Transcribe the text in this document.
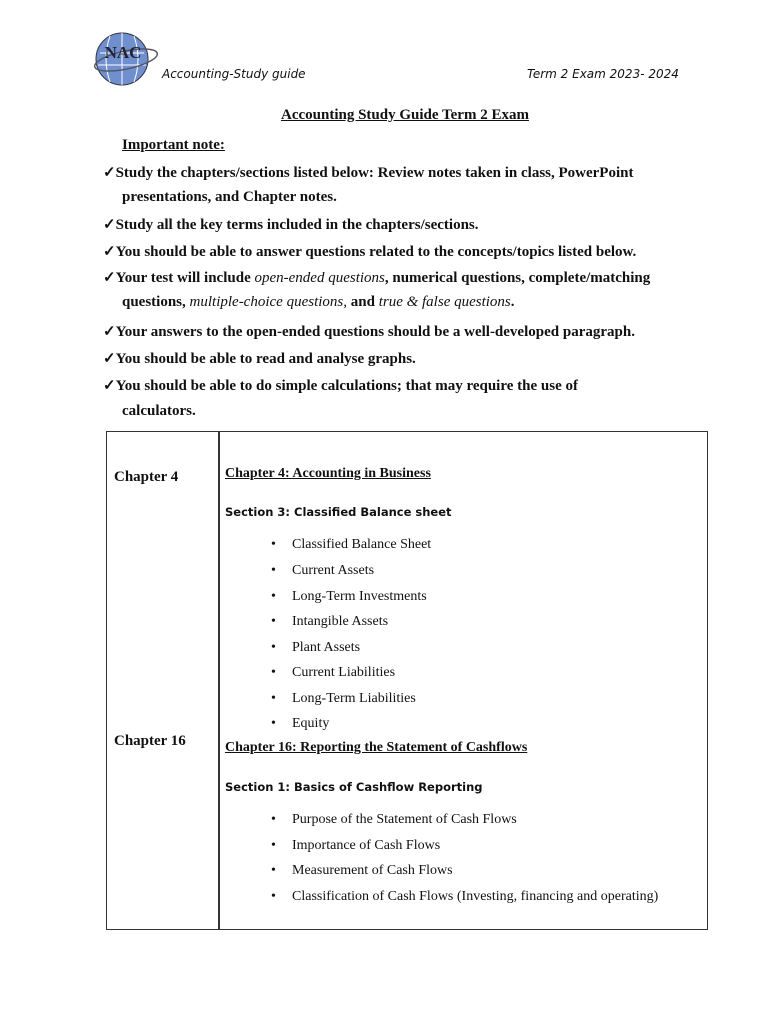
NAC
Accounting-Study guide	Term 2 Exam 2023- 2024
Accounting Study Guide Term 2 Exam
Important note:
✓Study the chapters/sections listed below: Review notes taken in class, PowerPoint
presentations, and Chapter notes.
✓Study all the key terms included in the chapters/sections.
✓You should be able to answer questions related to the concepts/topics listed below.
✓Your test will include open-ended questions, numerical questions, complete/matching
questions, multiple-choice questions, and true & false questions.
✓Your answers to the open-ended questions should be a well-developed paragraph.
✓You should be able to read and analyse graphs.
✓You should be able to do simple calculations; that may require the use of
calculators.
Chapter 4	Chapter 4: Accounting in Business
Section 3: Classified Balance sheet
• Classified Balance Sheet
• Current Assets
• Long-Term Investments
• Intangible Assets
• Plant Assets
• Current Liabilities
• Long-Term Liabilities
• Equity
Chapter 16	Chapter 16: Reporting the Statement of Cashflows
Section 1: Basics of Cashflow Reporting
• Purpose of the Statement of Cash Flows
• Importance of Cash Flows
• Measurement of Cash Flows
• Classification of Cash Flows (Investing, financing and operating)
